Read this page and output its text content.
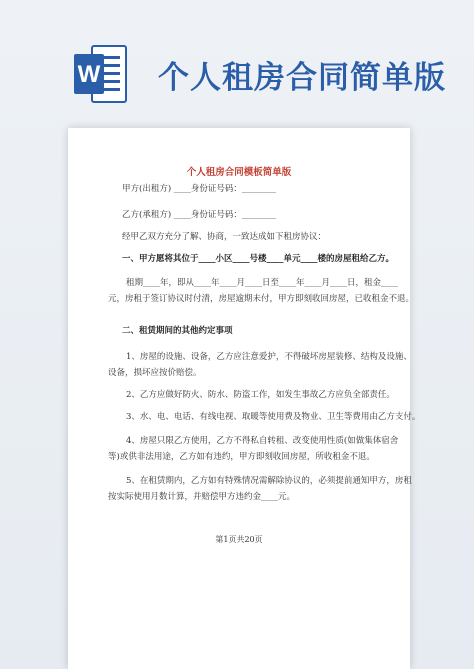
W 个人租房合同简单版
个人租房合同模板简单版
甲方(出租方) ____身份证号码：________
乙方(承租方) ____身份证号码：________
经甲乙双方充分了解、协商，一致达成如下租房协议：
一、甲方愿将其位于____小区____号楼____单元____楼的房屋租给乙方。
租期____年，即从____年____月____日至____年____月____日，租金____
元，房租于签订协议时付清，房屋逾期未付，甲方即刻收回房屋，已收租金不退。
二、租赁期间的其他约定事项
1、房屋的设施、设备，乙方应注意爱护，不得破坏房屋装修、结构及设施、
设备，损坏应按价赔偿。
2、乙方应做好防火、防水、防盗工作，如发生事故乙方应负全部责任。
3、水、电、电话、有线电视、取暖等使用费及物业、卫生等费用由乙方支付。
4、房屋只限乙方使用，乙方不得私自转租、改变使用性质(如做集体宿舍
等)或供非法用途，乙方如有违约，甲方即刻收回房屋，所收租金不退。
5、在租赁期内，乙方如有特殊情况需解除协议的，必须提前通知甲方，房租
按实际使用月数计算，并赔偿甲方违约金____元。
第1页共20页
